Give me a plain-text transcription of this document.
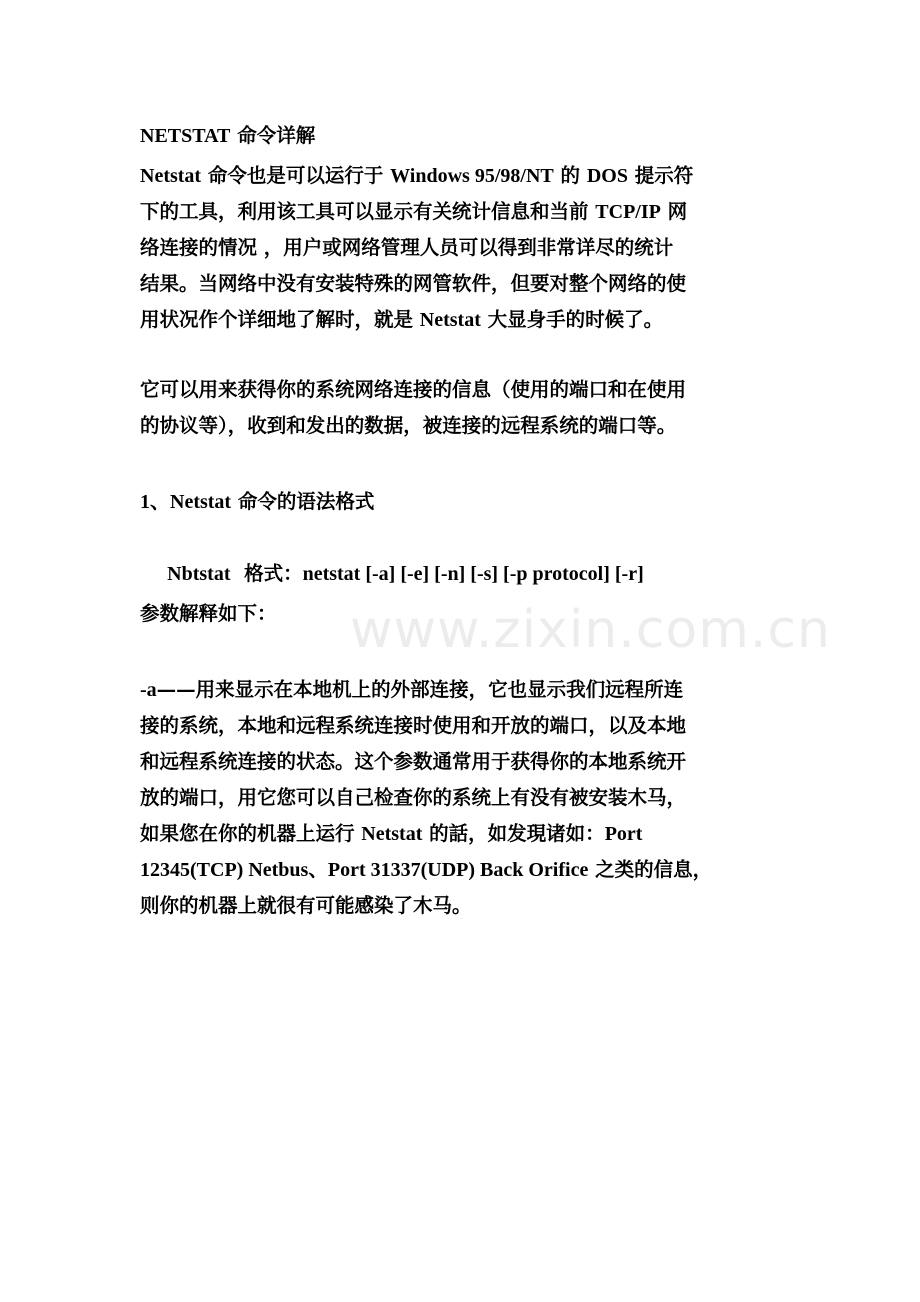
www.zixin.com.cn
NETSTAT 命令详解
Netstat 命令也是可以运行于 Windows 95/98/NT 的 DOS 提示符
下的工具，利用该工具可以显示有关统计信息和当前 TCP/IP 网
络连接的情况 ，用户或网络管理人员可以得到非常详尽的统计
结果。当网络中没有安装特殊的网管软件，但要对整个网络的使
用状况作个详细地了解时，就是 Netstat 大显身手的时候了。
它可以用来获得你的系统网络连接的信息（使用的端口和在使用
的协议等），收到和发出的数据，被连接的远程系统的端口等。
1、Netstat 命令的语法格式

Nbtstat  格式：netstat [-a] [-e] [-n] [-s] [-p protocol] [-r]

参数解释如下：
-a——用来显示在本地机上的外部连接，它也显示我们远程所连
接的系统，本地和远程系统连接时使用和开放的端口，以及本地
和远程系统连接的状态。这个参数通常用于获得你的本地系统开
放的端口，用它您可以自己检查你的系统上有没有被安装木马，
如果您在你的机器上运行 Netstat 的話，如发現诸如：Port
12345(TCP) Netbus、Port 31337(UDP) Back Orifice 之类的信息，
则你的机器上就很有可能感染了木马。
